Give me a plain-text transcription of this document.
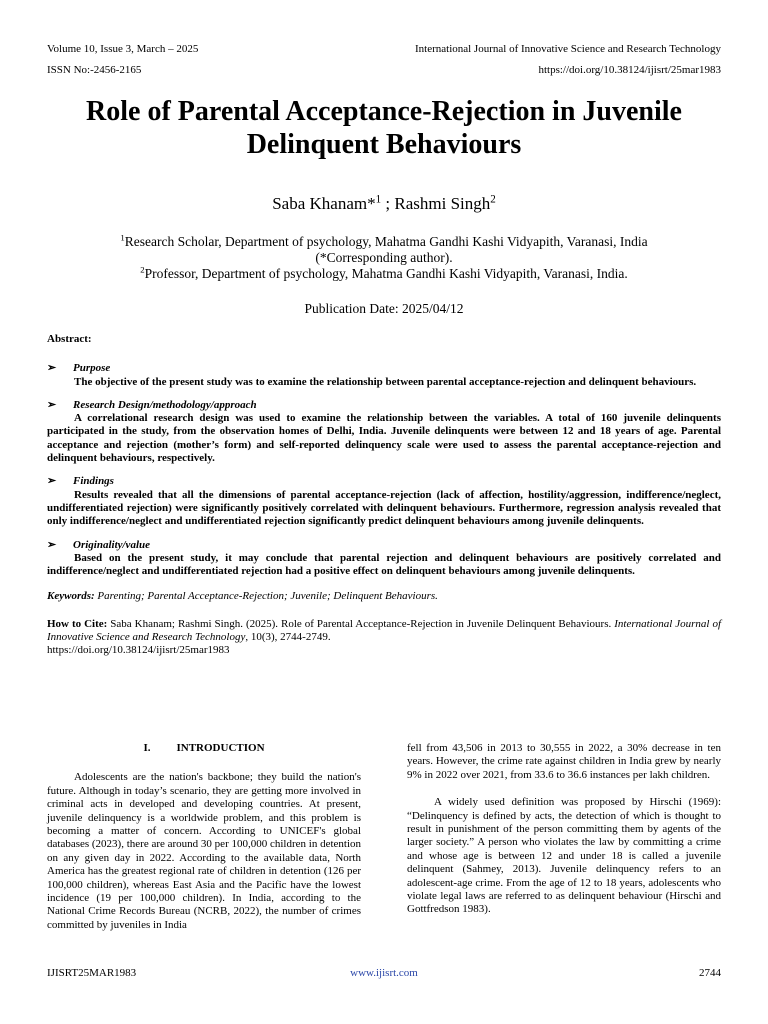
Volume 10, Issue 3, March – 2025	International Journal of Innovative Science and Research Technology
ISSN No:-2456-2165	https://doi.org/10.38124/ijisrt/25mar1983
Role of Parental Acceptance-Rejection in Juvenile Delinquent Behaviours
Saba Khanam*$^1$ ; Rashmi Singh$^2$
$^1$Research Scholar, Department of psychology, Mahatma Gandhi Kashi Vidyapith, Varanasi, India
(*Corresponding author).
$^2$Professor, Department of psychology, Mahatma Gandhi Kashi Vidyapith, Varanasi, India.
Publication Date: 2025/04/12
Abstract:
➢ Purpose
The objective of the present study was to examine the relationship between parental acceptance-rejection and delinquent behaviours.
➢ Research Design/methodology/approach
A correlational research design was used to examine the relationship between the variables. A total of 160 juvenile delinquents participated in the study, from the observation homes of Delhi, India. Juvenile delinquents were between 12 and 18 years of age. Parental acceptance and rejection (mother’s form) and self-reported delinquency scale were used to assess the parental acceptance-rejection and delinquent behaviours, respectively.
➢ Findings
Results revealed that all the dimensions of parental acceptance-rejection (lack of affection, hostility/aggression, indifference/neglect, undifferentiated rejection) were significantly positively correlated with delinquent behaviours. Furthermore, regression analysis revealed that only indifference/neglect and undifferentiated rejection significantly predict delinquent behaviours among juvenile delinquents.
➢ Originality/value
Based on the present study, it may conclude that parental rejection and delinquent behaviours are positively correlated and indifference/neglect and undifferentiated rejection had a positive effect on delinquent behaviours among juvenile delinquents.
Keywords: Parenting; Parental Acceptance-Rejection; Juvenile; Delinquent Behaviours.
How to Cite: Saba Khanam; Rashmi Singh. (2025). Role of Parental Acceptance-Rejection in Juvenile Delinquent Behaviours. International Journal of Innovative Science and Research Technology, 10(3), 2744-2749.
https://doi.org/10.38124/ijisrt/25mar1983
I. INTRODUCTION

Adolescents are the nation's backbone; they build the nation's future. Although in today’s scenario, they are getting more involved in criminal acts in developed and developing countries. At present, juvenile delinquency is a worldwide problem, and this problem is becoming a matter of concern. According to UNICEF's global databases (2023), there are around 30 per 100,000 children in detention on any given day in 2022. According to the available data, North America has the greatest regional rate of children in detention (126 per 100,000 children), whereas East Asia and the Pacific have the lowest incidence (19 per 100,000 children). In India, according to the National Crime Records Bureau (NCRB, 2022), the number of crimes committed by juveniles in India

fell from 43,506 in 2013 to 30,555 in 2022, a 30% decrease in ten years. However, the crime rate against children in India grew by nearly 9% in 2022 over 2021, from 33.6 to 36.6 instances per lakh children.

A widely used definition was proposed by Hirschi (1969): “Delinquency is defined by acts, the detection of which is thought to result in punishment of the person committing them by agents of the larger society.” A person who violates the law by committing a crime and whose age is between 12 and under 18 is called a juvenile delinquent (Sahmey, 2013). Juvenile delinquency refers to an adolescent-age crime. From the age of 12 to 18 years, adolescents who violate legal laws are referred to as delinquent behaviour (Hirschi and Gottfredson 1983).

IJISRT25MAR1983	www.ijisrt.com	2744
